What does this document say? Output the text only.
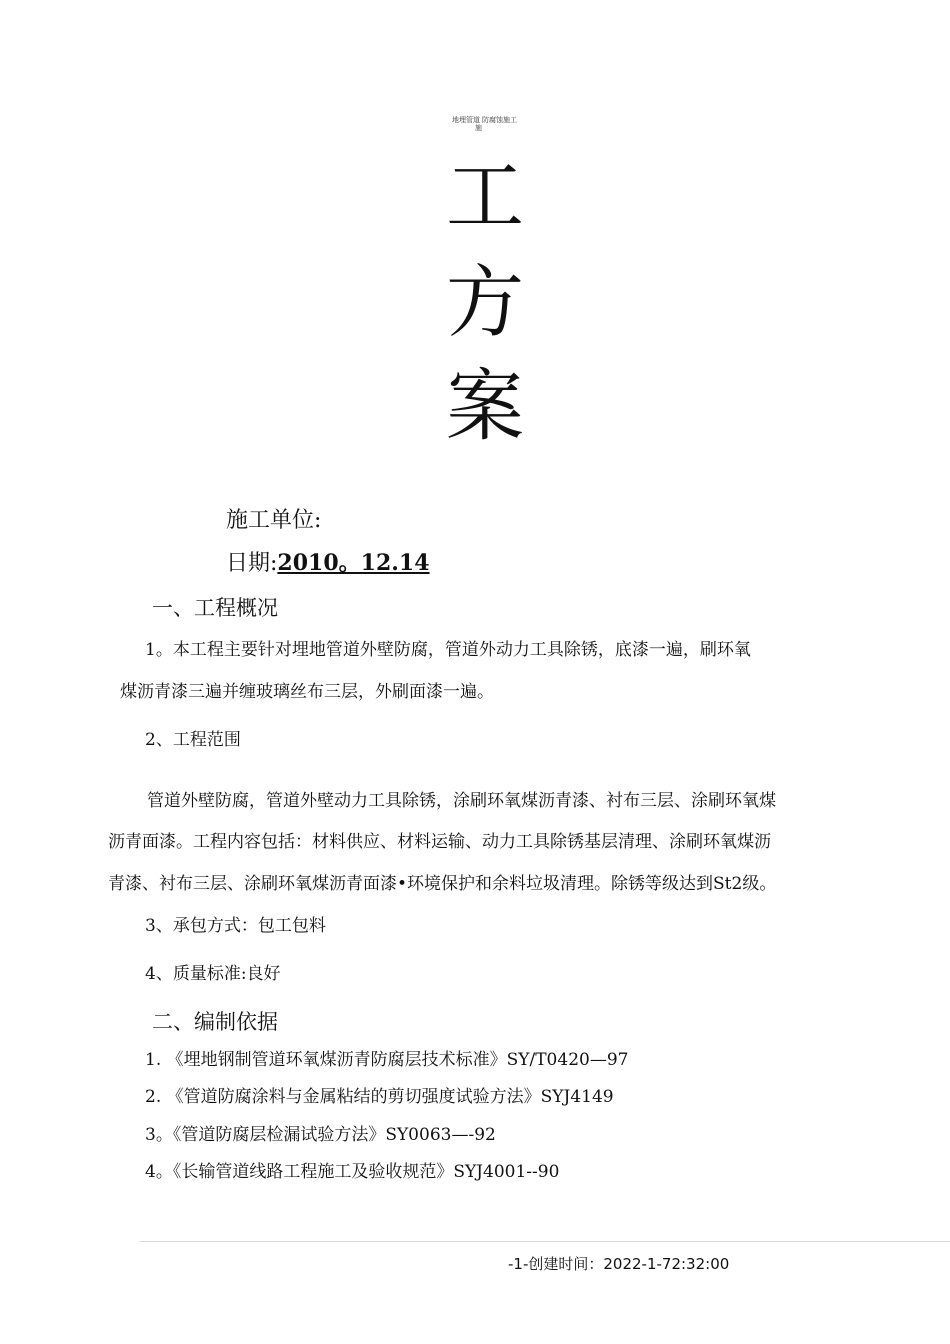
地埋管道 防腐蚀施工
施
工
方
案
施工单位:
日期:2010。12.14
一、工程概况
1。本工程主要针对埋地管道外壁防腐，管道外动力工具除锈，底漆一遍，刷环氧
煤沥青漆三遍并缠玻璃丝布三层，外刷面漆一遍。
2、工程范围
管道外壁防腐，管道外壁动力工具除锈，涂刷环氧煤沥青漆、衬布三层、涂刷环氧煤
沥青面漆。工程内容包括：材料供应、材料运输、动力工具除锈基层清理、涂刷环氧煤沥
青漆、衬布三层、涂刷环氧煤沥青面漆•环境保护和余料垃圾清理。除锈等级达到St2级。
3、承包方式：包工包料
4、质量标准:良好
二、编制依据
1. 《埋地钢制管道环氧煤沥青防腐层技术标准》SY/T0420—97
2. 《管道防腐涂料与金属粘结的剪切强度试验方法》SYJ4149
3。《管道防腐层检漏试验方法》SY0063—-92
4。《长输管道线路工程施工及验收规范》SYJ4001--90
-1-创建时间：2022-1-72:32:00
